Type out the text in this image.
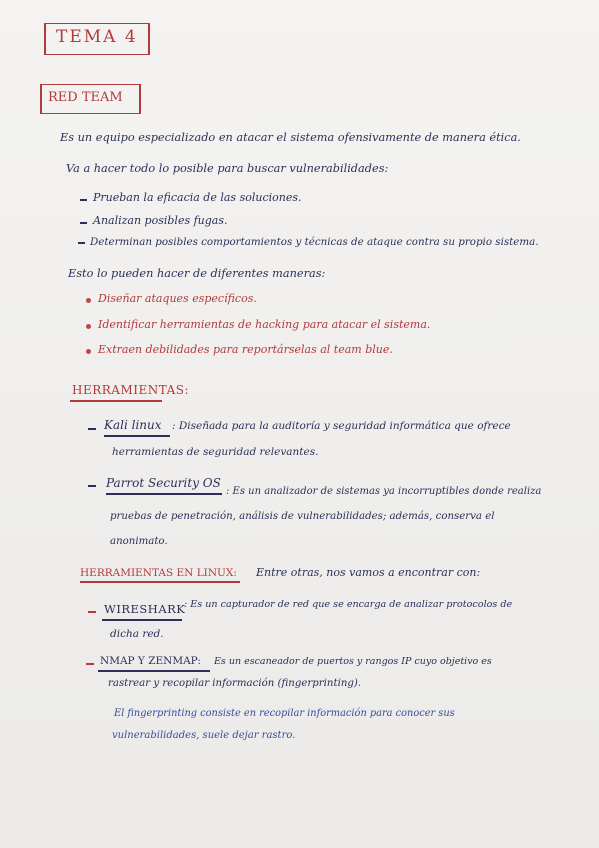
TEMA 4
RED TEAM
Es un equipo especializado en atacar el sistema ofensivamente de manera ética.
Va a hacer todo lo posible para buscar vulnerabilidades:
Prueban la eficacia de las soluciones.
Analizan posibles fugas.
Determinan posibles comportamientos y técnicas de ataque contra su propio sistema.
Esto lo pueden hacer de diferentes maneras:
Diseñar ataques específicos.
Identificar herramientas de hacking para atacar el sistema.
Extraen debilidades para reportárselas al team blue.
HERRAMIENTAS:
Kali linux : Diseñada para la auditoría y seguridad informática que ofrece
herramientas de seguridad relevantes.
Parrot Security OS
: Es un analizador de sistemas ya incorruptibles donde realiza
pruebas de penetración, análisis de vulnerabilidades; además, conserva el
anonimato.
HERRAMIENTAS EN LINUX: Entre otras, nos vamos a encontrar con:
WIRESHARK
: Es un capturador de red que se encarga de analizar protocolos de
dicha red.
NMAP Y ZENMAP: Es un escaneador de puertos y rangos IP cuyo objetivo es
rastrear y recopilar información (fingerprinting).
El fingerprinting consiste en recopilar información para conocer sus
vulnerabilidades, suele dejar rastro.
